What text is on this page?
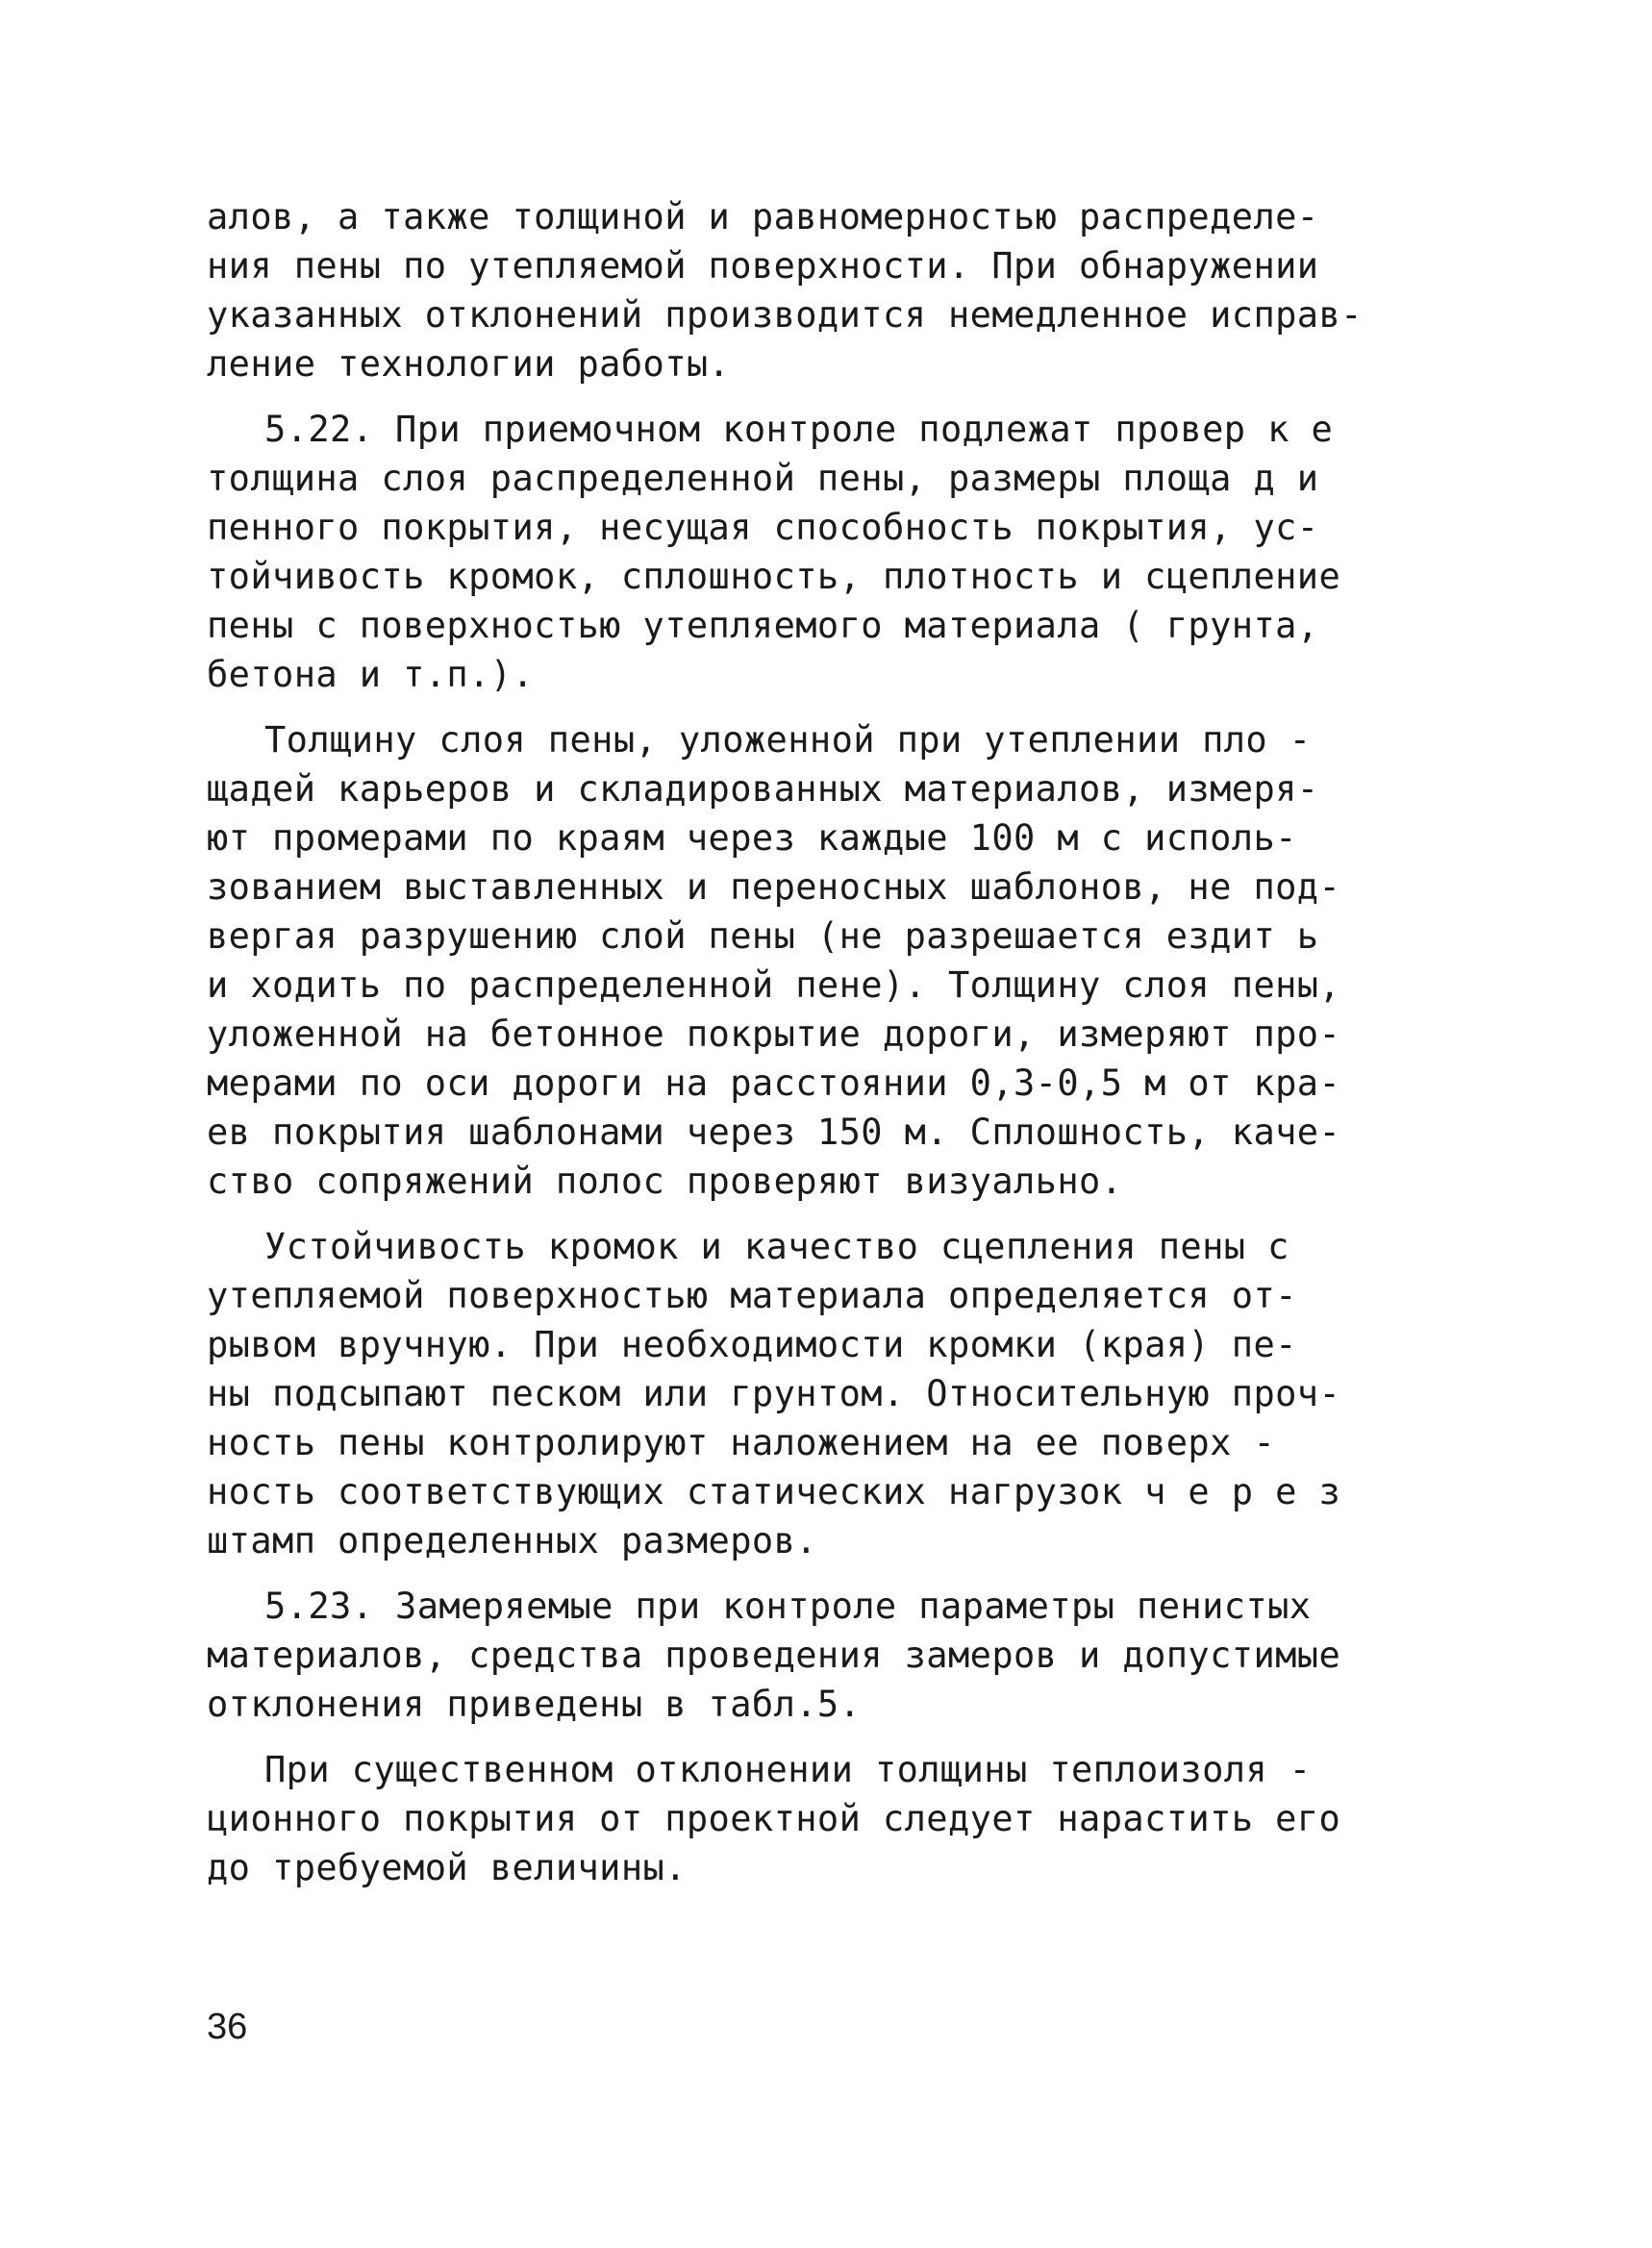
алов, а также толщиной и равномерностью распределе-
ния пены по утепляемой поверхности. При обнаружении
указанных отклонений производится немедленное исправ-
ление технологии работы.
5.22. При приемочном контроле подлежат провер к е
толщина слоя распределенной пены, размеры площа д и
пенного покрытия, несущая способность покрытия, ус-
тойчивость кромок, сплошность, плотность и сцепление
пены с поверхностью утепляемого материала ( грунта,
бетона и т.п.).
Толщину слоя пены, уложенной при утеплении пло -
щадей карьеров и складированных материалов, измеря-
ют промерами по краям через каждые 100 м с исполь-
зованием выставленных и переносных шаблонов, не под-
вергая разрушению слой пены (не разрешается ездит ь
и ходить по распределенной пене). Толщину слоя пены,
уложенной на бетонное покрытие дороги, измеряют про-
мерами по оси дороги на расстоянии 0,3-0,5 м от кра-
ев покрытия шаблонами через 150 м. Сплошность, каче-
ство сопряжений полос проверяют визуально.
Устойчивость кромок и качество сцепления пены с
утепляемой поверхностью материала определяется от-
рывом вручную. При необходимости кромки (края) пе-
ны подсыпают песком или грунтом. Относительную проч-
ность пены контролируют наложением на ее поверх -
ность соответствующих статических нагрузок ч е р е з
штамп определенных размеров.
5.23. Замеряемые при контроле параметры пенистых
материалов, средства проведения замеров и допустимые
отклонения приведены в табл.5.
При существенном отклонении толщины теплоизоля -
ционного покрытия от проектной следует нарастить его
до требуемой величины.
36
